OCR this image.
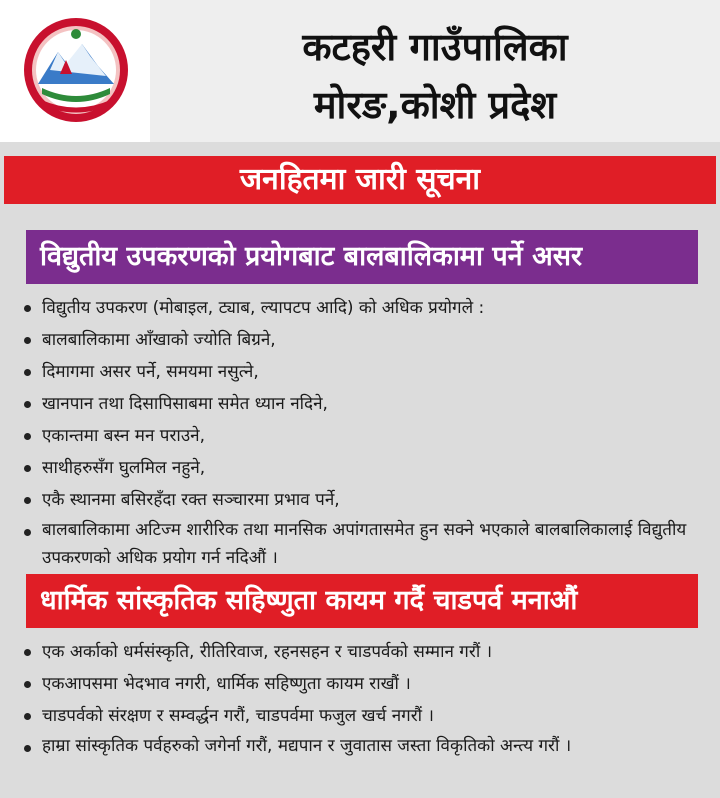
कटहरी गाउँपालिका
मोरङ,कोशी प्रदेश
जनहितमा जारी सूचना
विद्युतीय उपकरणको प्रयोगबाट बालबालिकामा पर्ने असर
विद्युतीय उपकरण (मोबाइल, ट्याब, ल्यापटप आदि) को अधिक प्रयोगले :
बालबालिकामा आँखाको ज्योति बिग्रने,
दिमागमा असर पर्ने, समयमा नसुत्ने,
खानपान तथा दिसापिसाबमा समेत ध्यान नदिने,
एकान्तमा बस्न मन पराउने,
साथीहरुसँग घुलमिल नहुने,
एकै स्थानमा बसिरहँदा रक्त सञ्चारमा प्रभाव पर्ने,
बालबालिकामा अटिज्म शारीरिक तथा मानसिक अपांगतासमेत हुन सक्ने भएकाले बालबालिकालाई विद्युतीय उपकरणको अधिक प्रयोग गर्न नदिऔं ।
धार्मिक सांस्कृतिक सहिष्णुता कायम गर्दै चाडपर्व मनाऔं
एक अर्काको धर्मसंस्कृति, रीतिरिवाज, रहनसहन र चाडपर्वको सम्मान गरौं ।
एकआपसमा भेदभाव नगरी, धार्मिक सहिष्णुता कायम राखौं ।
चाडपर्वको संरक्षण र सम्वर्द्धन गरौं, चाडपर्वमा फजुल खर्च नगरौं ।
हाम्रा सांस्कृतिक पर्वहरुको जगेर्ना गरौं, मद्यपान र जुवातास जस्ता विकृतिको अन्त्य गरौं ।
